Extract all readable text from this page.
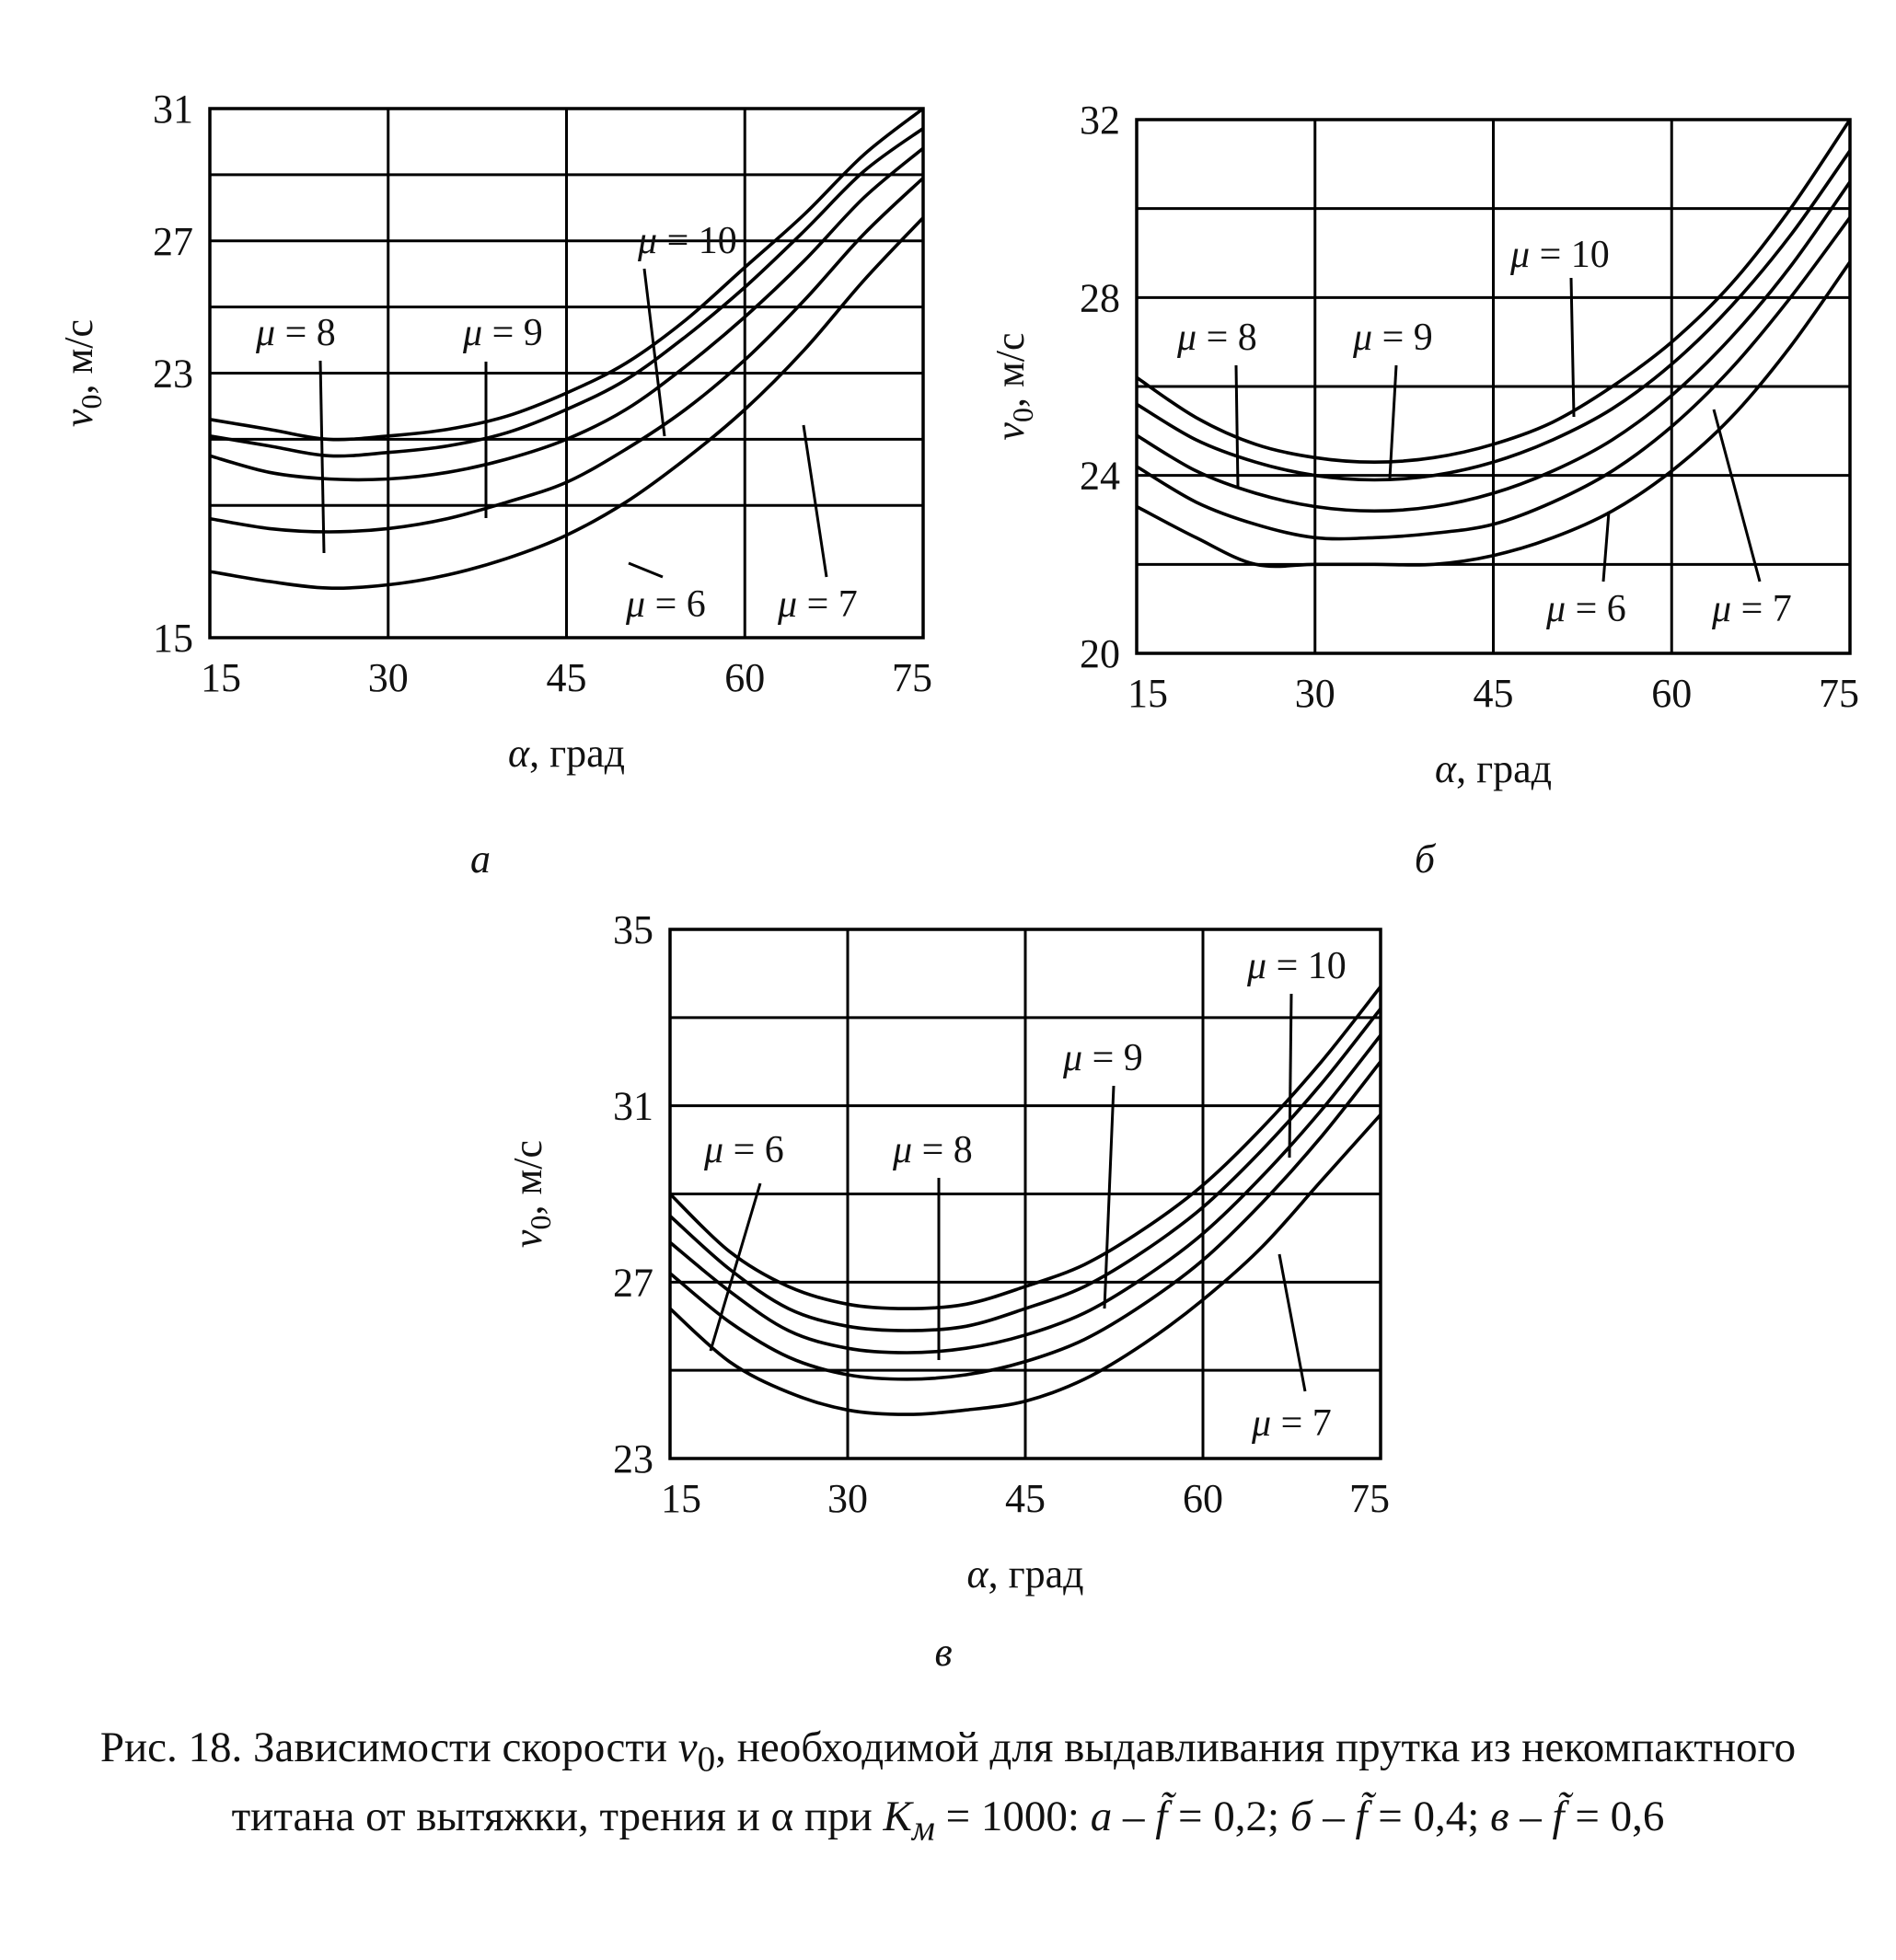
15	30	45	60	75
15
23
27
31
α, град
$v_0$, м/с
μ = 10
μ = 9
μ = 8
μ = 7
μ = 6
а
15	30	45	60	75
20
24
28
32
α, град
$v_0$, м/с
μ = 10
μ = 9
μ = 8
μ = 7
μ = 6
б
15	30	45	60	75
23
27
31
35
α, град
$v_0$, м/с
μ = 10
μ = 9
μ = 8
μ = 7
μ = 6
в
Рис. 18. Зависимости скорости $v_0$, необходимой для выдавливания прутка из некомпактного
титана от вытяжки, трения и α при $K_м = 1000$: а – f̃ = 0,2; б – f̃ = 0,4; в – f̃ = 0,6
